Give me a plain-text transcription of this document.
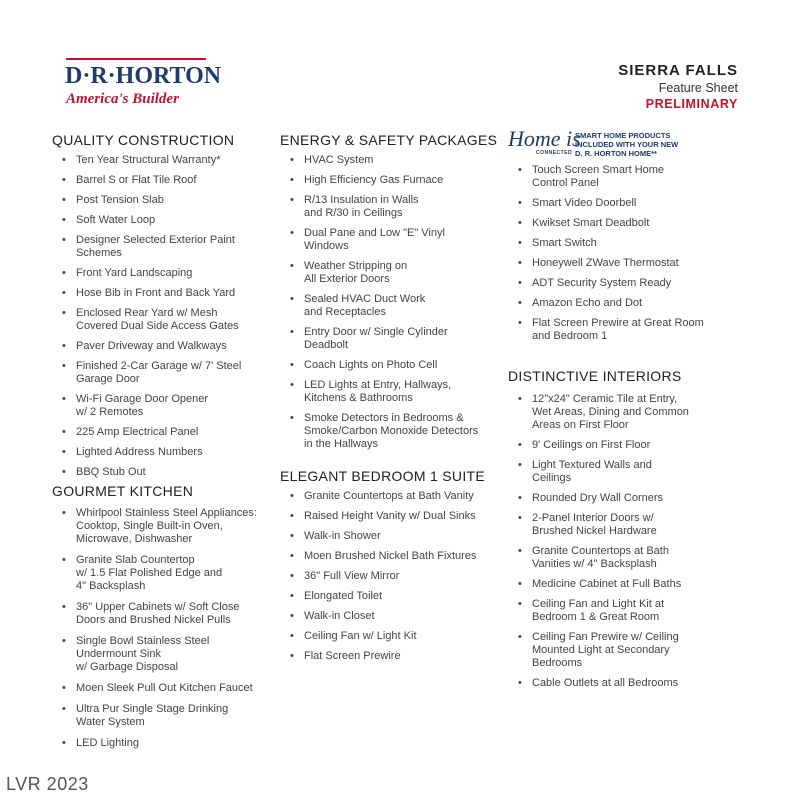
D·R·HORTON
America's Builder
SIERRA FALLS
Feature Sheet
PRELIMINARY
Home is
CONNECTED
SMART HOME PRODUCTS
INCLUDED WITH YOUR NEW
D. R. HORTON HOME**
QUALITY CONSTRUCTION
• Ten Year Structural Warranty*
• Barrel S or Flat Tile Roof
• Post Tension Slab
• Soft Water Loop
• Designer Selected Exterior Paint
Schemes
• Front Yard Landscaping
• Hose Bib in Front and Back Yard
• Enclosed Rear Yard w/ Mesh
Covered Dual Side Access Gates
• Paver Driveway and Walkways
• Finished 2-Car Garage w/ 7' Steel
Garage Door
• Wi-Fi Garage Door Opener
w/ 2 Remotes
• 225 Amp Electrical Panel
• Lighted Address Numbers
• BBQ Stub Out
GOURMET KITCHEN
• Whirlpool Stainless Steel Appliances:
Cooktop, Single Built-in Oven,
Microwave, Dishwasher
• Granite Slab Countertop
w/ 1.5 Flat Polished Edge and
4" Backsplash
• 36" Upper Cabinets w/ Soft Close
Doors and Brushed Nickel Pulls
• Single Bowl Stainless Steel
Undermount Sink
w/ Garbage Disposal
• Moen Sleek Pull Out Kitchen Faucet
• Ultra Pur Single Stage Drinking
Water System
• LED Lighting
ENERGY & SAFETY PACKAGES
• HVAC System
• High Efficiency Gas Furnace
• R/13 Insulation in Walls
and R/30 in Ceilings
• Dual Pane and Low "E" Vinyl
Windows
• Weather Stripping on
All Exterior Doors
• Sealed HVAC Duct Work
and Receptacles
• Entry Door w/ Single Cylinder
Deadbolt
• Coach Lights on Photo Cell
• LED Lights at Entry, Hallways,
Kitchens & Bathrooms
• Smoke Detectors in Bedrooms &
Smoke/Carbon Monoxide Detectors
in the Hallways
ELEGANT BEDROOM 1 SUITE
• Granite Countertops at Bath Vanity
• Raised Height Vanity w/ Dual Sinks
• Walk-in Shower
• Moen Brushed Nickel Bath Fixtures
• 36" Full View Mirror
• Elongated Toilet
• Walk-in Closet
• Ceiling Fan w/ Light Kit
• Flat Screen Prewire
• Touch Screen Smart Home
Control Panel
• Smart Video Doorbell
• Kwikset Smart Deadbolt
• Smart Switch
• Honeywell ZWave Thermostat
• ADT Security System Ready
• Amazon Echo and Dot
• Flat Screen Prewire at Great Room
and Bedroom 1
DISTINCTIVE INTERIORS
• 12"x24" Ceramic Tile at Entry,
Wet Areas, Dining and Common
Areas on First Floor
• 9' Ceilings on First Floor
• Light Textured Walls and
Ceilings
• Rounded Dry Wall Corners
• 2-Panel Interior Doors w/
Brushed Nickel Hardware
• Granite Countertops at Bath
Vanities w/ 4" Backsplash
• Medicine Cabinet at Full Baths
• Ceiling Fan and Light Kit at
Bedroom 1 & Great Room
• Ceiling Fan Prewire w/ Ceiling
Mounted Light at Secondary
Bedrooms
• Cable Outlets at all Bedrooms
LVR 2023
